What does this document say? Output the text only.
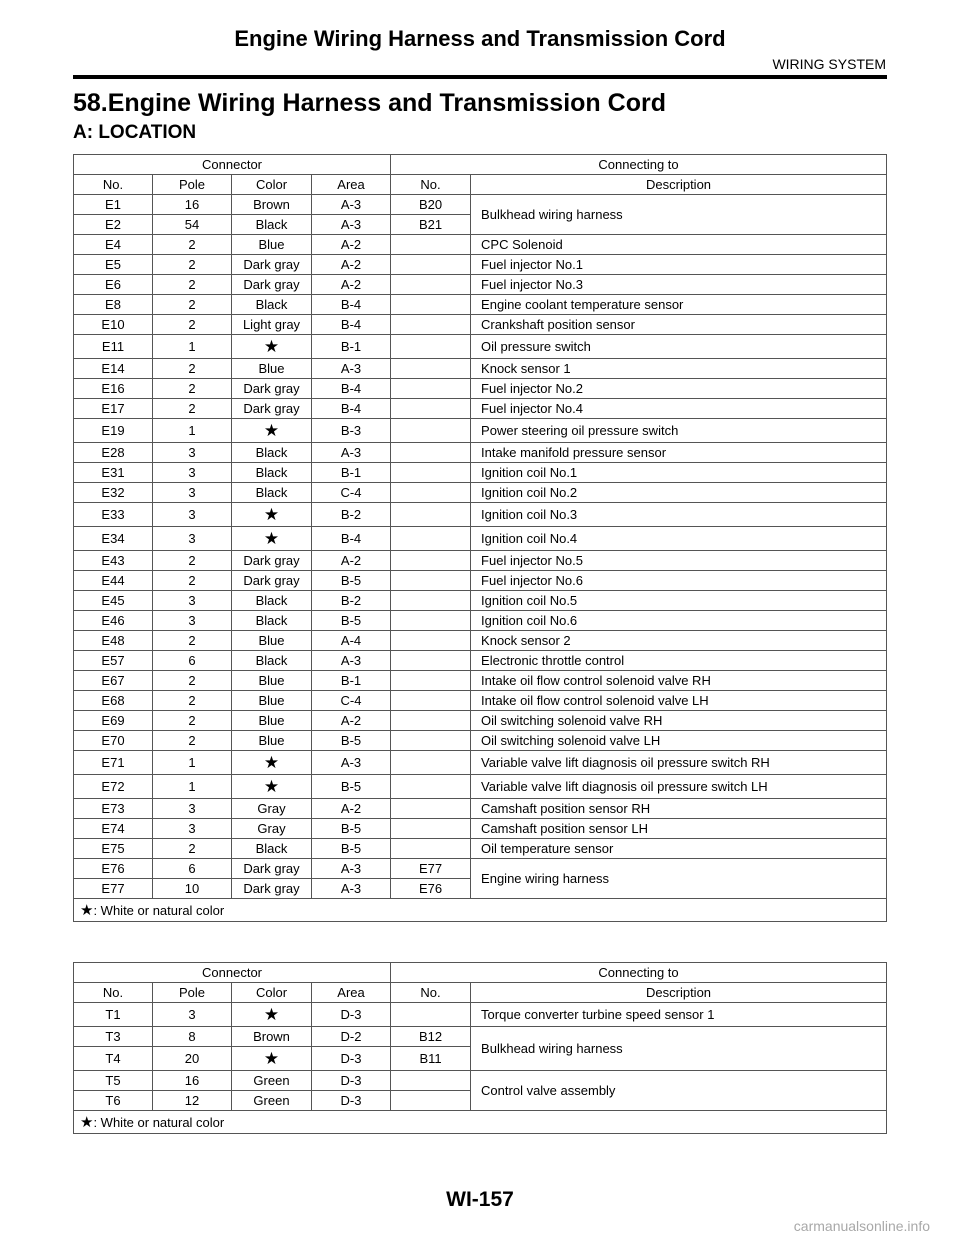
Engine Wiring Harness and Transmission Cord
WIRING SYSTEM
58.Engine Wiring Harness and Transmission Cord
A: LOCATION
Connector				Connecting to	
No.	Pole	Color	Area	No.	Description
E1	16	Brown	A-3	B20	Bulkhead wiring harness
E2	54	Black	A-3	B21	
E4	2	Blue	A-2		CPC Solenoid
E5	2	Dark gray	A-2		Fuel injector No.1
E6	2	Dark gray	A-2		Fuel injector No.3
E8	2	Black	B-4		Engine coolant temperature sensor
E10	2	Light gray	B-4		Crankshaft position sensor
E11	1	★	B-1		Oil pressure switch
E14	2	Blue	A-3		Knock sensor 1
E16	2	Dark gray	B-4		Fuel injector No.2
E17	2	Dark gray	B-4		Fuel injector No.4
E19	1	★	B-3		Power steering oil pressure switch
E28	3	Black	A-3		Intake manifold pressure sensor
E31	3	Black	B-1		Ignition coil No.1
E32	3	Black	C-4		Ignition coil No.2
E33	3	★	B-2		Ignition coil No.3
E34	3	★	B-4		Ignition coil No.4
E43	2	Dark gray	A-2		Fuel injector No.5
E44	2	Dark gray	B-5		Fuel injector No.6
E45	3	Black	B-2		Ignition coil No.5
E46	3	Black	B-5		Ignition coil No.6
E48	2	Blue	A-4		Knock sensor 2
E57	6	Black	A-3		Electronic throttle control
E67	2	Blue	B-1		Intake oil flow control solenoid valve RH
E68	2	Blue	C-4		Intake oil flow control solenoid valve LH
E69	2	Blue	A-2		Oil switching solenoid valve RH
E70	2	Blue	B-5		Oil switching solenoid valve LH
E71	1	★	A-3		Variable valve lift diagnosis oil pressure switch RH
E72	1	★	B-5		Variable valve lift diagnosis oil pressure switch LH
E73	3	Gray	A-2		Camshaft position sensor RH
E74	3	Gray	B-5		Camshaft position sensor LH
E75	2	Black	B-5		Oil temperature sensor
E76	6	Dark gray	A-3	E77	Engine wiring harness
E77	10	Dark gray	A-3	E76	
★: White or natural color					
Connector				Connecting to	
No.	Pole	Color	Area	No.	Description
T1	3	★	D-3		Torque converter turbine speed sensor 1
T3	8	Brown	D-2	B12	Bulkhead wiring harness
T4	20	★	D-3	B11	
T5	16	Green	D-3		Control valve assembly
T6	12	Green	D-3		
★: White or natural color					
WI-157
carmanualsonline.info
